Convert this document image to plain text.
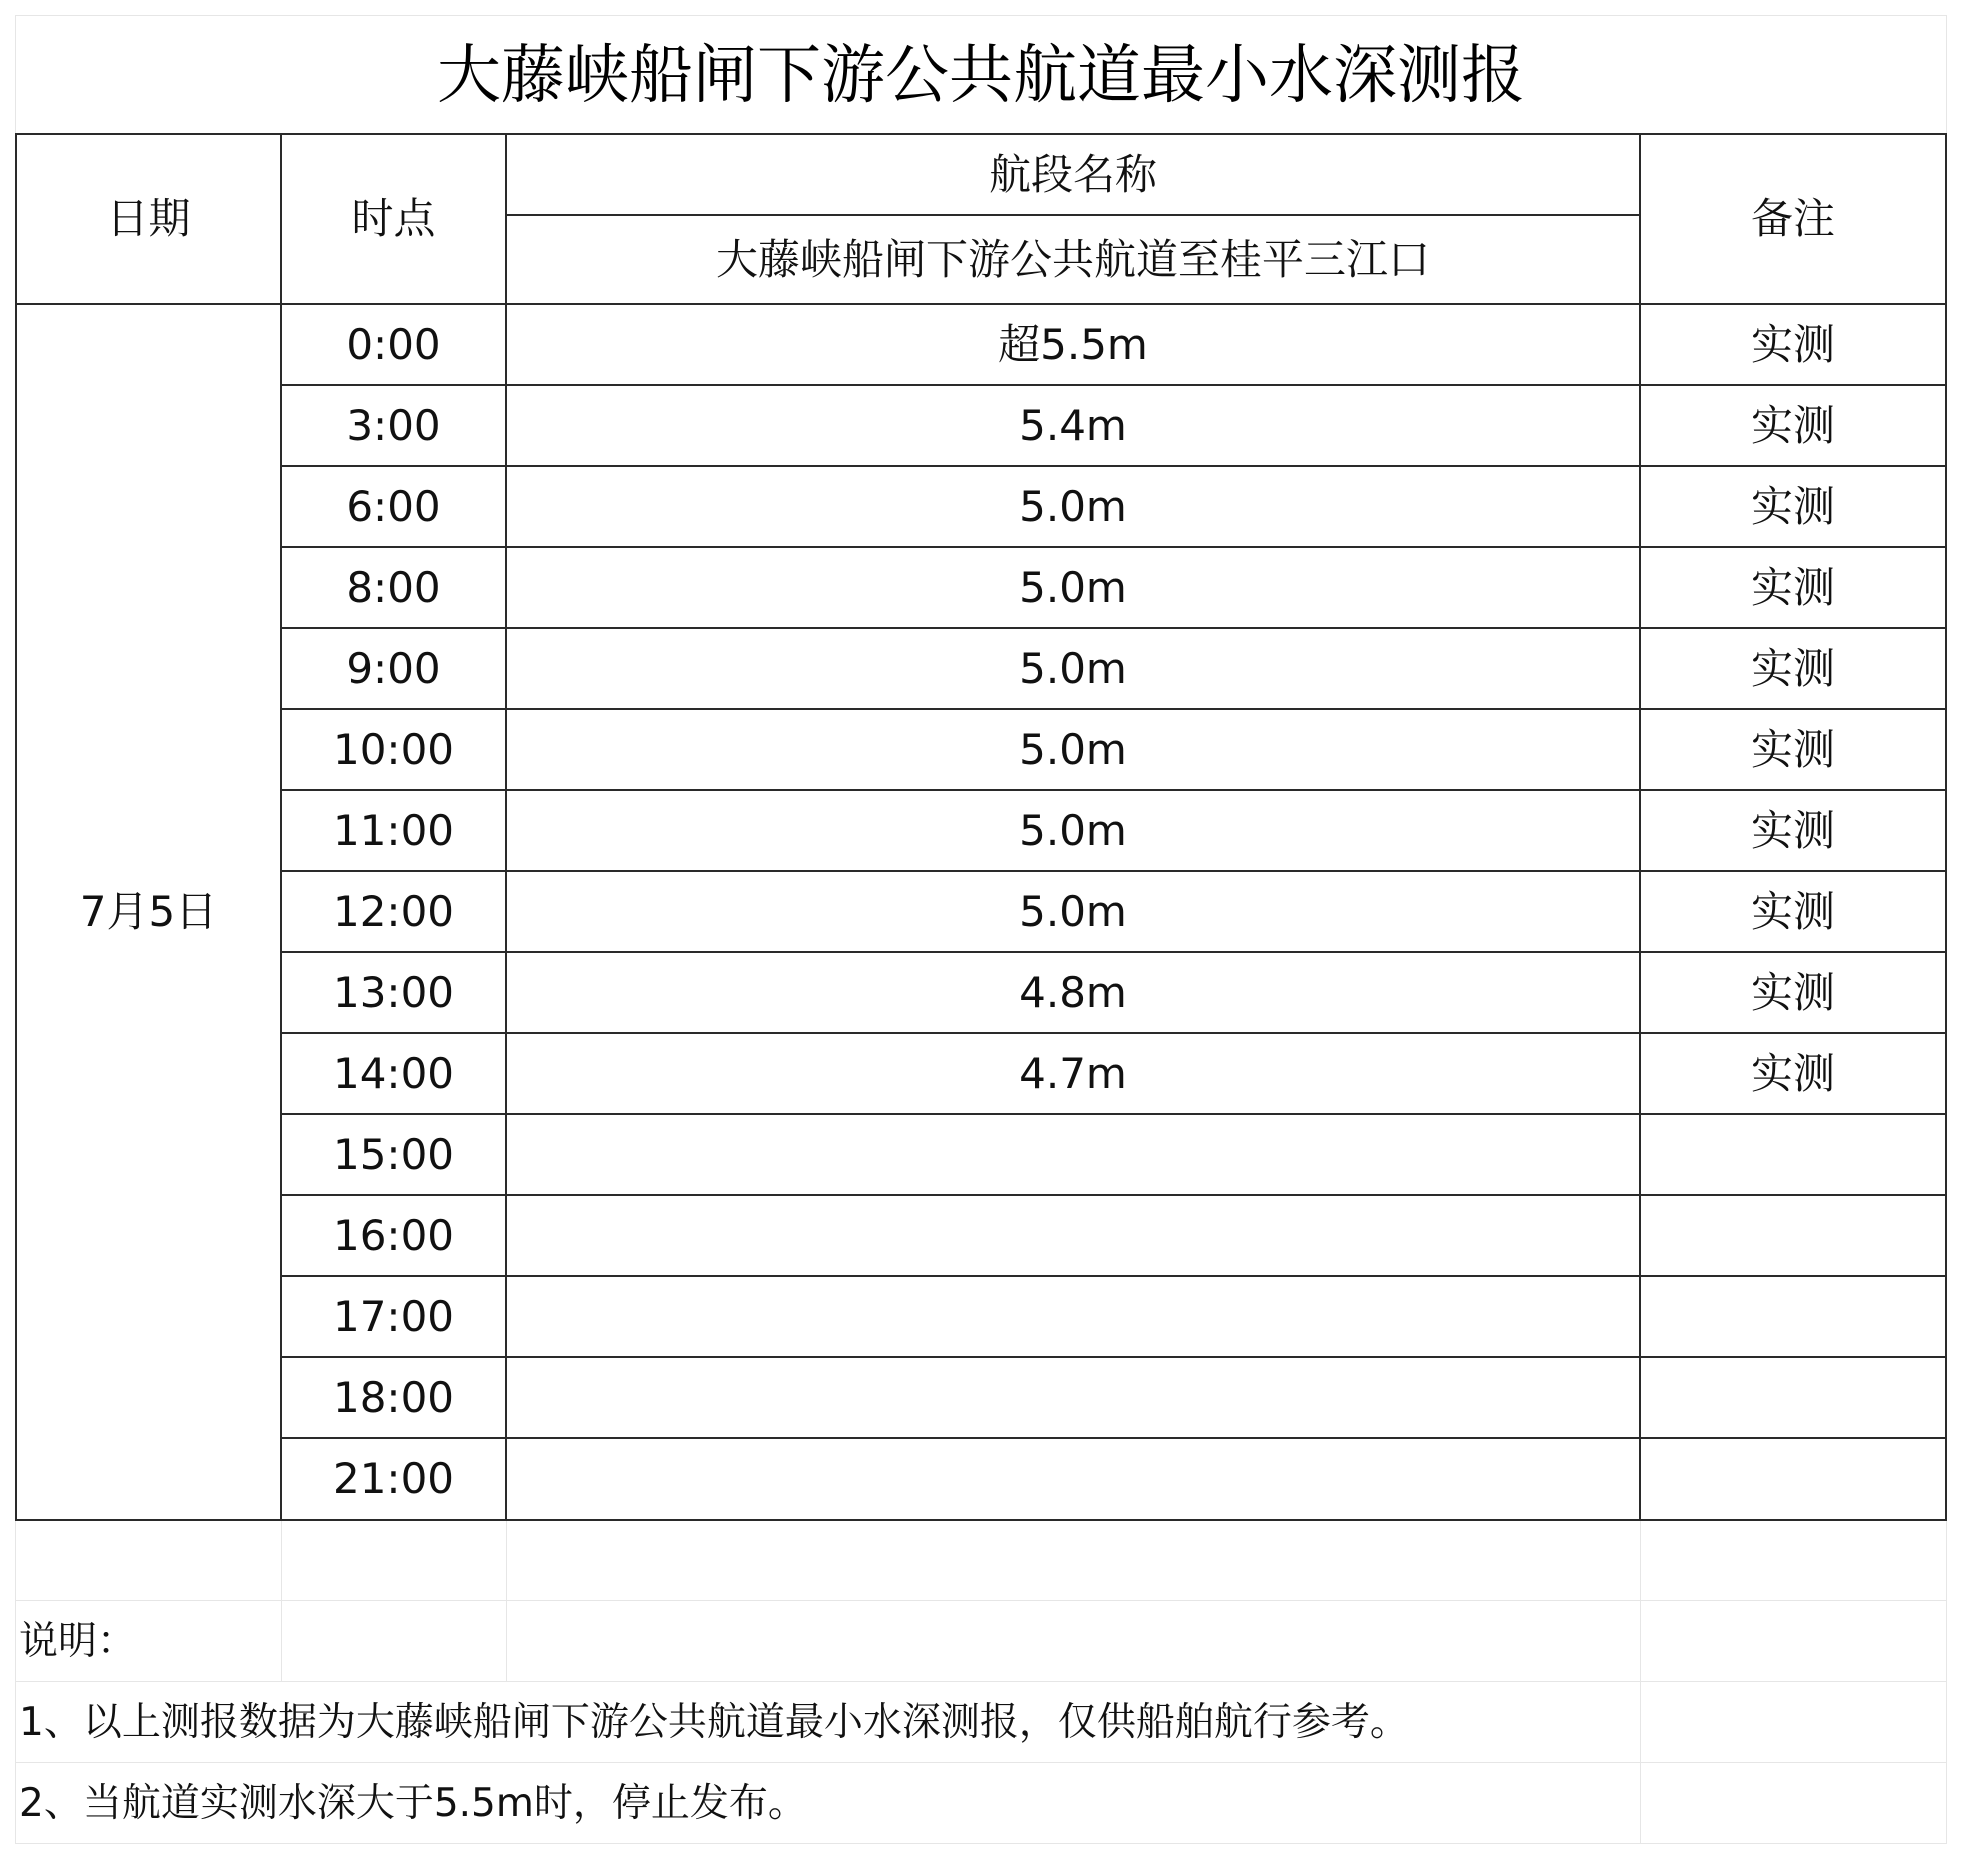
大藤峡船闸下游公共航道最小水深测报
日期	时点
航段名称
大藤峡船闸下游公共航道至桂平三江口
备注
7月5日
0:00	超5.5m	实测
3:00	5.4m	实测
6:00	5.0m	实测
8:00	5.0m	实测
9:00	5.0m	实测
10:00	5.0m	实测
11:00	5.0m	实测
12:00	5.0m	实测
13:00	4.8m	实测
14:00	4.7m	实测
15:00
16:00
17:00
18:00
21:00
说明：
1、以上测报数据为大藤峡船闸下游公共航道最小水深测报，仅供船舶航行参考。
2、当航道实测水深大于5.5m时，停止发布。
